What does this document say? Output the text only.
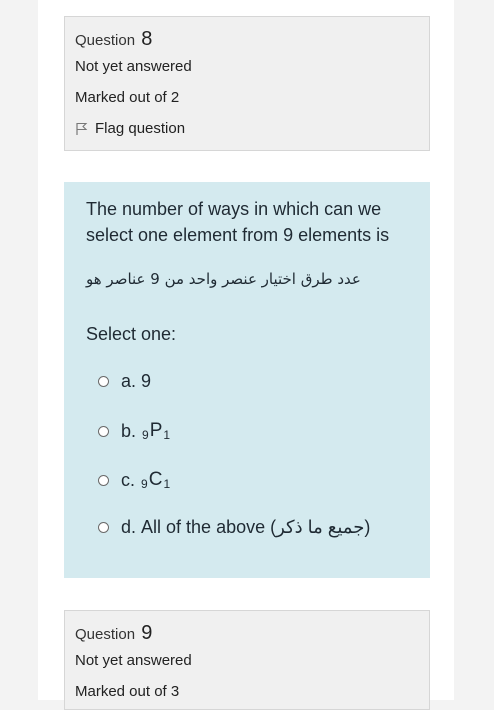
Question 8
Not yet answered
Marked out of 2
Flag question
The number of ways in which can we select one element from 9 elements is
عدد طرق اختيار عنصر واحد من 9 عناصر هو
Select one:
a.
9
b.
9 P 1
c.
9 C 1
d.
All of the above (جميع ما ذكر)
Question 9
Not yet answered
Marked out of 3
